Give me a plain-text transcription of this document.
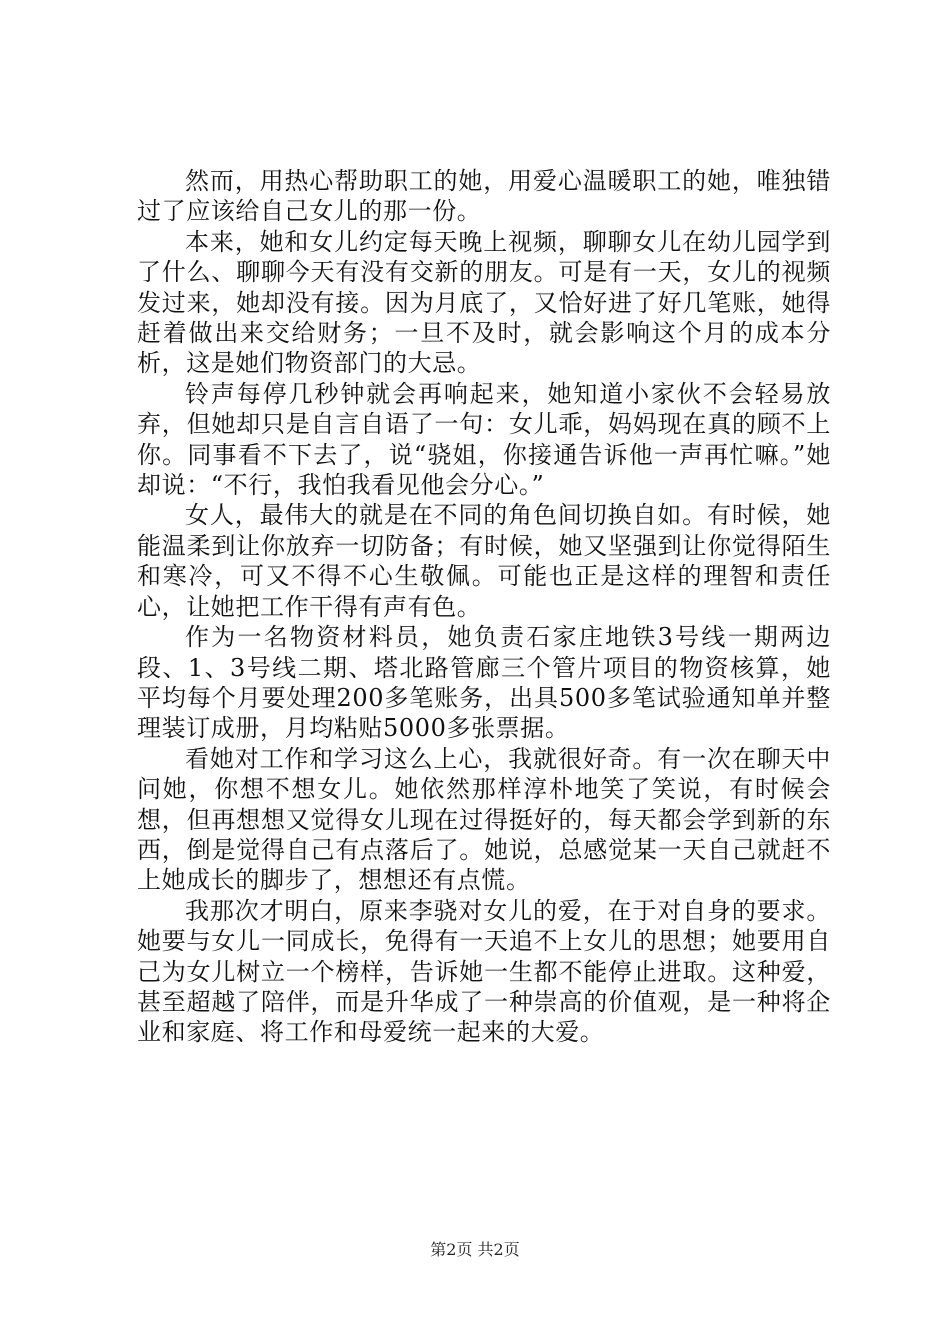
然而，用热心帮助职工的她，用爱心温暖职工的她，唯独错过了应该给自己女儿的那一份。

本来，她和女儿约定每天晚上视频，聊聊女儿在幼儿园学到了什么、聊聊今天有没有交新的朋友。可是有一天，女儿的视频发过来，她却没有接。因为月底了，又恰好进了好几笔账，她得赶着做出来交给财务；一旦不及时，就会影响这个月的成本分析，这是她们物资部门的大忌。

铃声每停几秒钟就会再响起来，她知道小家伙不会轻易放弃，但她却只是自言自语了一句：女儿乖，妈妈现在真的顾不上你。同事看不下去了，说“骁姐，你接通告诉他一声再忙嘛。”她却说：“不行，我怕我看见他会分心。”

女人，最伟大的就是在不同的角色间切换自如。有时候，她能温柔到让你放弃一切防备；有时候，她又坚强到让你觉得陌生和寒冷，可又不得不心生敬佩。可能也正是这样的理智和责任心，让她把工作干得有声有色。

作为一名物资材料员，她负责石家庄地铁3号线一期两边段、1、3号线二期、塔北路管廊三个管片项目的物资核算，她平均每个月要处理200多笔账务，出具500多笔试验通知单并整理装订成册，月均粘贴5000多张票据。

看她对工作和学习这么上心，我就很好奇。有一次在聊天中问她，你想不想女儿。她依然那样淳朴地笑了笑说，有时候会想，但再想想又觉得女儿现在过得挺好的，每天都会学到新的东西，倒是觉得自己有点落后了。她说，总感觉某一天自己就赶不上她成长的脚步了，想想还有点慌。

我那次才明白，原来李骁对女儿的爱，在于对自身的要求。她要与女儿一同成长，免得有一天追不上女儿的思想；她要用自己为女儿树立一个榜样，告诉她一生都不能停止进取。这种爱，甚至超越了陪伴，而是升华成了一种崇高的价值观，是一种将企业和家庭、将工作和母爱统一起来的大爱。

第2页 共2页
